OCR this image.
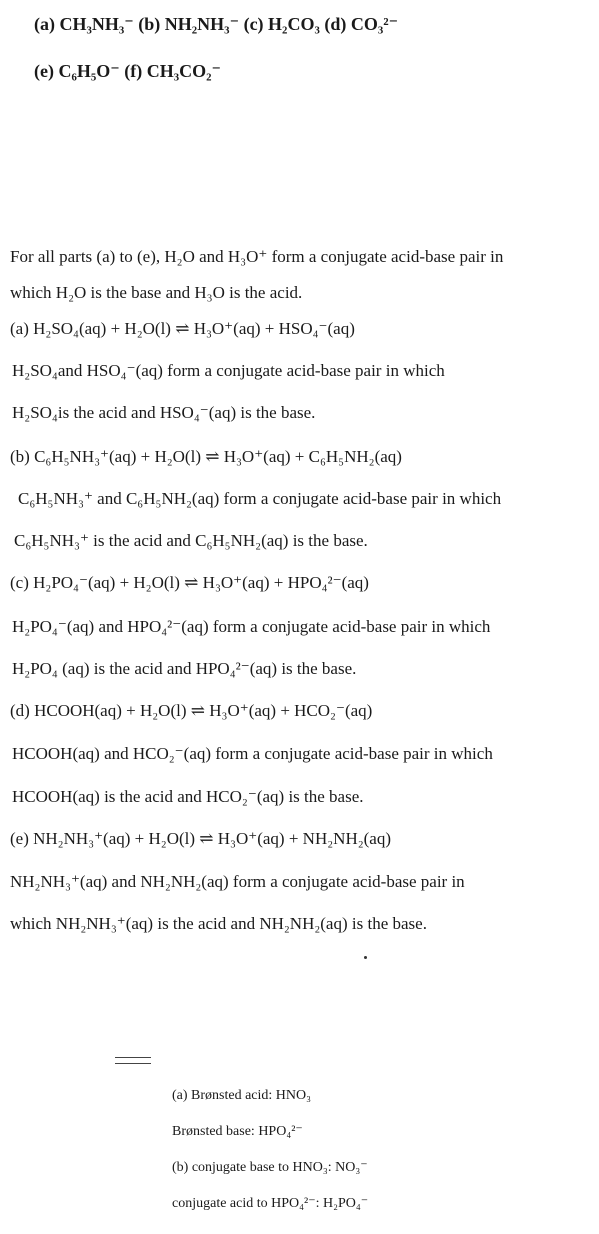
(a) CH₃NH₃⁻ (b) NH₂NH₃⁻ (c) H₂CO₃ (d) CO₃²⁻
(e) C₆H₅O⁻ (f) CH₃CO₂⁻
For all parts (a) to (e), H₂O and H₃O⁺ form a conjugate acid-base pair in
which H₂O is the base and H₃O is the acid.
(a) H₂SO₄(aq) + H₂O(l) ⇌ H₃O⁺(aq) + HSO₄⁻(aq)
H₂SO₄and HSO₄⁻(aq) form a conjugate acid-base pair in which
H₂SO₄is the acid and HSO₄⁻(aq) is the base.
(b) C₆H₅NH₃⁺(aq) + H₂O(l) ⇌ H₃O⁺(aq) + C₆H₅NH₂(aq)
C₆H₅NH₃⁺ and C₆H₅NH₂(aq) form a conjugate acid-base pair in which
C₆H₅NH₃⁺ is the acid and C₆H₅NH₂(aq) is the base.
(c) H₂PO₄⁻(aq) + H₂O(l) ⇌ H₃O⁺(aq) + HPO₄²⁻(aq)
H₂PO₄⁻(aq) and HPO₄²⁻(aq) form a conjugate acid-base pair in which
H₂PO₄ (aq) is the acid and HPO₄²⁻(aq) is the base.
(d) HCOOH(aq) + H₂O(l) ⇌ H₃O⁺(aq) + HCO₂⁻(aq)
HCOOH(aq) and HCO₂⁻(aq) form a conjugate acid-base pair in which
HCOOH(aq) is the acid and HCO₂⁻(aq) is the base.
(e) NH₂NH₃⁺(aq) + H₂O(l) ⇌ H₃O⁺(aq) + NH₂NH₂(aq)
NH₂NH₃⁺(aq) and NH₂NH₂(aq) form a conjugate acid-base pair in
which NH₂NH₃⁺(aq) is the acid and NH₂NH₂(aq) is the base.
(a) Brønsted acid: HNO₃
Brønsted base: HPO₄²⁻
(b) conjugate base to HNO₃: NO₃⁻
conjugate acid to HPO₄²⁻: H₂PO₄⁻
